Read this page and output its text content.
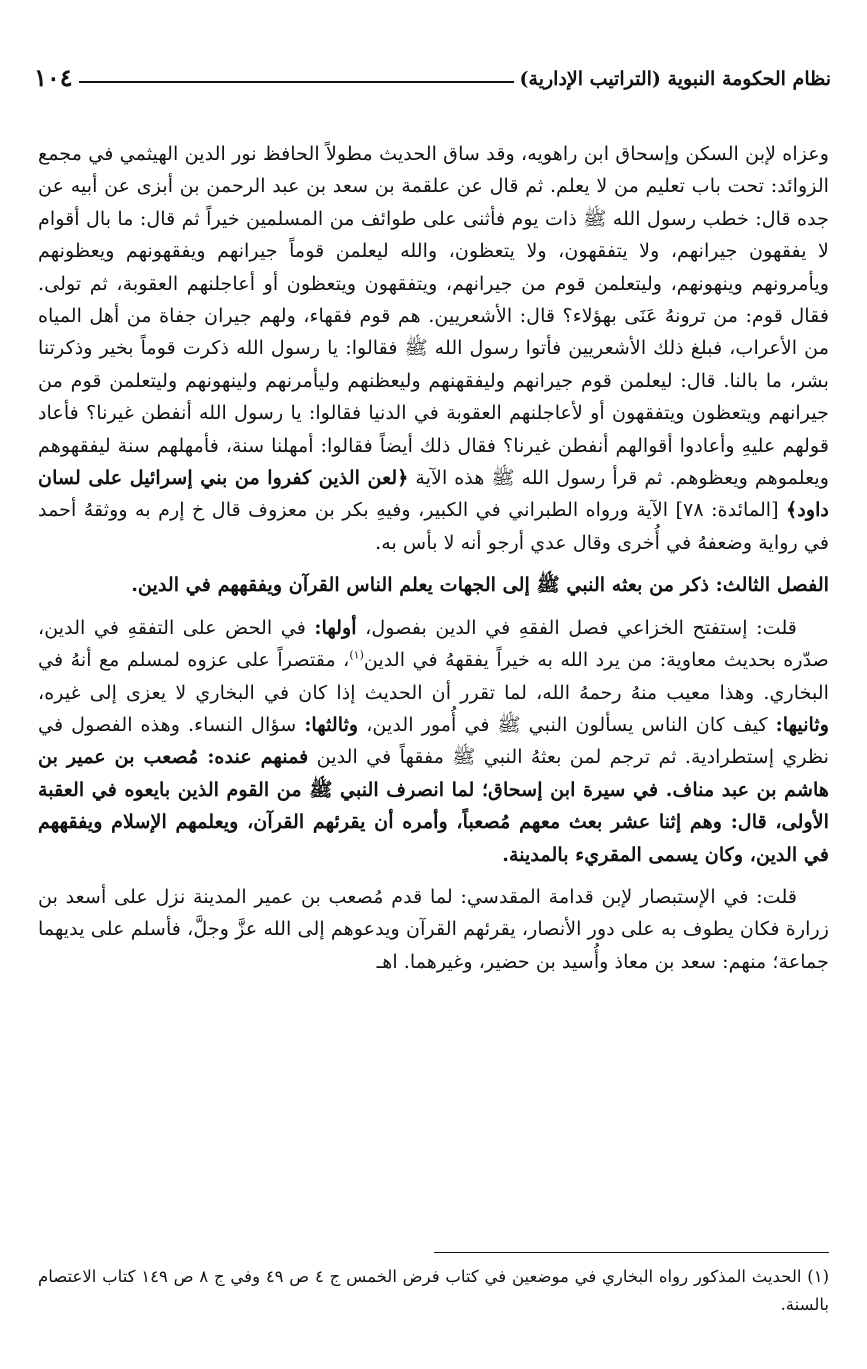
١٠٤	نظام الحكومة النبوية (التراتيب الإدارية)

وعزاه لإبن السكن وإسحاق ابن راهويه، وقد ساق الحديث مطولاً الحافظ نور الدين الهيثمي في مجمع الزوائد: تحت باب تعليم من لا يعلم. ثم قال عن علقمة بن سعد بن عبد الرحمن بن أبزى عن أبيه عن جده قال: خطب رسول الله ﷺ ذات يوم فأثنى على طوائف من المسلمين خيراً ثم قال: ما بال أقوام لا يفقهون جيرانهم، ولا يتفقهون، ولا يتعظون، والله ليعلمن قوماً جيرانهم ويفقهونهم ويعظونهم ويأمرونهم وينهونهم، وليتعلمن قوم من جيرانهم، ويتفقهون ويتعظون أو أعاجلنهم العقوبة، ثم تولى. فقال قوم: من ترونهُ عَنَى بهؤلاء؟ قال: الأشعريين. هم قوم فقهاء، ولهم جيران جفاة من أهل المياه من الأعراب، فبلغ ذلك الأشعريين فأتوا رسول الله ﷺ فقالوا: يا رسول الله ذكرت قوماً بخير وذكرتنا بشر، ما بالنا. قال: ليعلمن قوم جيرانهم وليفقهنهم وليعظنهم وليأمرنهم ولينهونهم وليتعلمن قوم من جيرانهم ويتعظون ويتفقهون أو لأعاجلنهم العقوبة في الدنيا فقالوا: يا رسول الله أنفطن غيرنا؟ فأعاد قولهم عليهِ وأعادوا أقوالهم أنفطن غيرنا؟ فقال ذلك أيضاً فقالوا: أمهلنا سنة، فأمهلهم سنة ليفقهوهم ويعلموهم ويعظوهم. ثم قرأ رسول الله ﷺ هذه الآية ﴿لعن الذين كفروا من بني إسرائيل على لسان داود﴾ [المائدة: ٧٨] الآية ورواه الطبراني في الكبير، وفيهِ بكر بن معزوف قال خ إرم به ووثقهُ أحمد في رواية وضعفهُ في أُخرى وقال عدي أرجو أنه لا بأس به.

الفصل الثالث: ذكر من بعثه النبي ﷺ إلى الجهات يعلم الناس القرآن ويفقههم في الدين.

قلت: إستفتح الخزاعي فصل الفقهِ في الدين بفصول، أولها: في الحض على التفقهِ في الدين، صدّره بحديث معاوية: من يرد الله به خيراً يفقههُ في الدين$^{(١)}$، مقتصراً على عزوه لمسلم مع أنهُ في البخاري. وهذا معيب منهُ رحمهُ الله، لما تقرر أن الحديث إذا كان في البخاري لا يعزى إلى غيره، وثانيها: كيف كان الناس يسألون النبي ﷺ في أُمور الدين، وثالثها: سؤال النساء. وهذه الفصول في نظري إستطرادية. ثم ترجم لمن بعثهُ النبي ﷺ مفقهاً في الدين فمنهم عنده: مُصعب بن عمير بن هاشم بن عبد مناف. في سيرة ابن إسحاق؛ لما انصرف النبي ﷺ من القوم الذين بايعوه في العقبة الأولى، قال: وهم إثنا عشر بعث معهم مُصعباً، وأمره أن يقرئهم القرآن، ويعلمهم الإسلام ويفقههم في الدين، وكان يسمى المقريء بالمدينة.

قلت: في الإستبصار لإبن قدامة المقدسي: لما قدم مُصعب بن عمير المدينة نزل على أسعد بن زرارة فكان يطوف به على دور الأنصار، يقرئهم القرآن ويدعوهم إلى الله عزَّ وجلَّ، فأسلم على يديهما جماعة؛ منهم: سعد بن معاذ وأُسيد بن حضير، وغيرهما. اهـ

(١) الحديث المذكور رواه البخاري في موضعين في كتاب فرض الخمس ج ٤ ص ٤٩ وفي ج ٨ ص ١٤٩ كتاب الاعتصام بالسنة.
